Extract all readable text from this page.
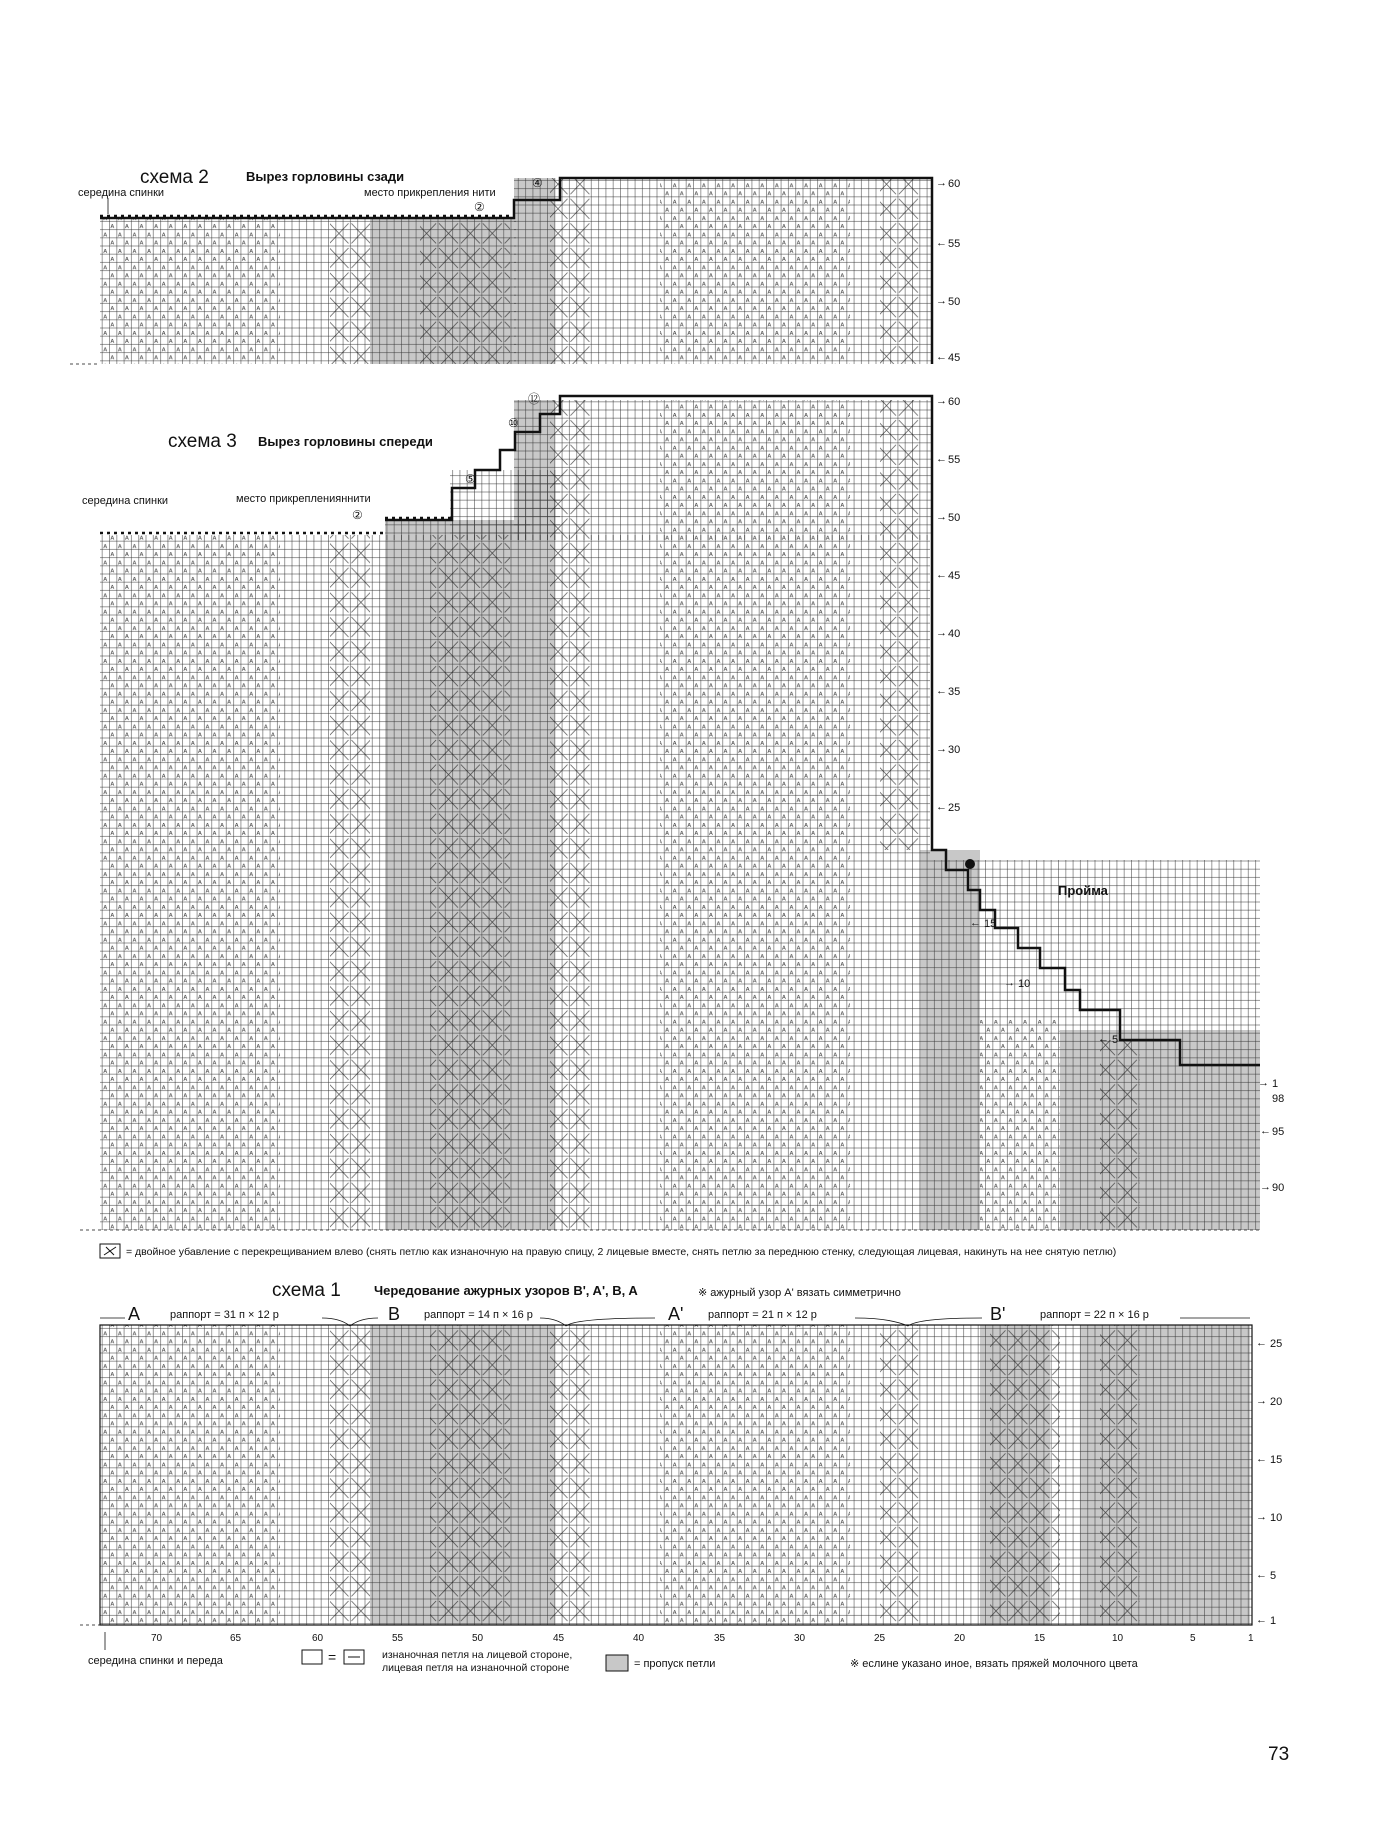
схема 2	Вырез горловины сзади
середина спинки	место прикрепления нити
④
②
→ 60
← 55
→ 50
← 45
схема 3 Вырез горловины спереди
середина спинки	место прикрепленияннити
⑫
⑩
⑤
②
→ 60
← 55
→ 50
← 45
→ 40
← 35
→ 30
← 25
Пройма
← 15
→ 10
← 5
→ 1
98
← 95
→ 90
= двойное убавление с перекрещиванием влево (снять петлю как изнаночную на правую спицу, 2 лицевые вместе, снять петлю за переднюю стенку, следующая лицевая, накинуть на нее снятую петлю)
схема 1	Чередование ажурных узоров B', A', B, A	※ ажурный узор A' вязать симметрично
A	раппорт = 31 п × 12 р	B раппорт = 14 п × 16 р	A' раппорт = 21 п × 12 р	B'	раппорт = 22 п × 16 р
← 25
→ 20
← 15
→ 10
← 5
← 1
70	65	60	55	50	45	40	35	30	25	20	15	10	5	1
середина спинки и переда	=	изнаночная петля на лицевой стороне,
лицевая петля на изнаночной стороне	= пропуск петли	※ еслине указано иное, вязать пряжей молочного цвета
73
